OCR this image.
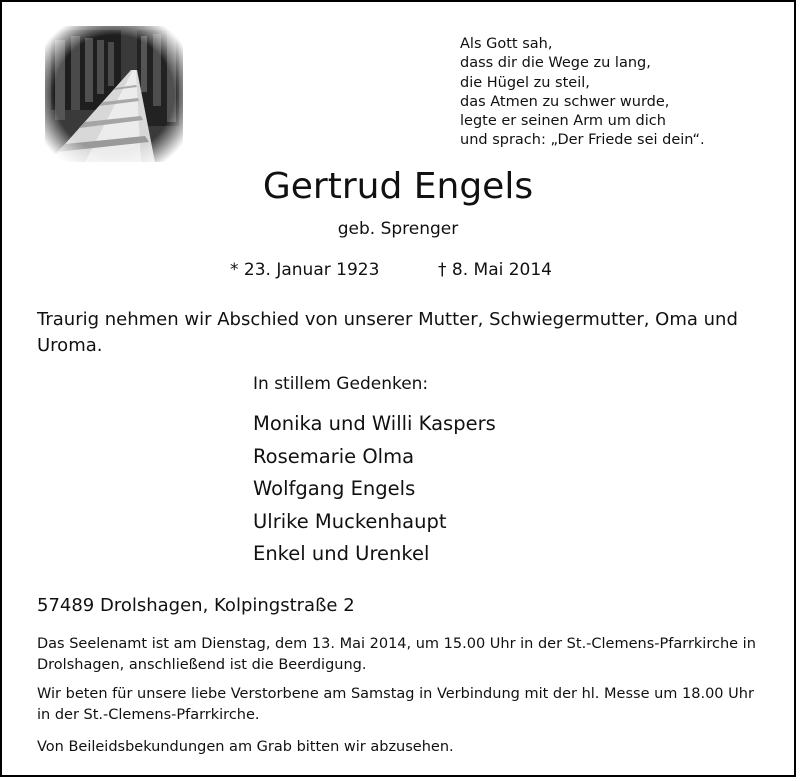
Als Gott sah,
dass dir die Wege zu lang,
die Hügel zu steil,
das Atmen zu schwer wurde,
legte er seinen Arm um dich
und sprach: „Der Friede sei dein“.
Gertrud Engels
geb. Sprenger
* 23. Januar 1923	† 8. Mai 2014
Traurig nehmen wir Abschied von unserer Mutter, Schwiegermutter, Oma und Uroma.
In stillem Gedenken:
Monika und Willi Kaspers
Rosemarie Olma
Wolfgang Engels
Ulrike Muckenhaupt
Enkel und Urenkel
57489 Drolshagen, Kolpingstraße 2
Das Seelenamt ist am Dienstag, dem 13. Mai 2014, um 15.00 Uhr in der St.-Clemens-Pfarrkirche in Drolshagen, anschließend ist die Beerdigung.
Wir beten für unsere liebe Verstorbene am Samstag in Verbindung mit der hl. Messe um 18.00 Uhr in der St.-Clemens-Pfarrkirche.
Von Beileidsbekundungen am Grab bitten wir abzusehen.
